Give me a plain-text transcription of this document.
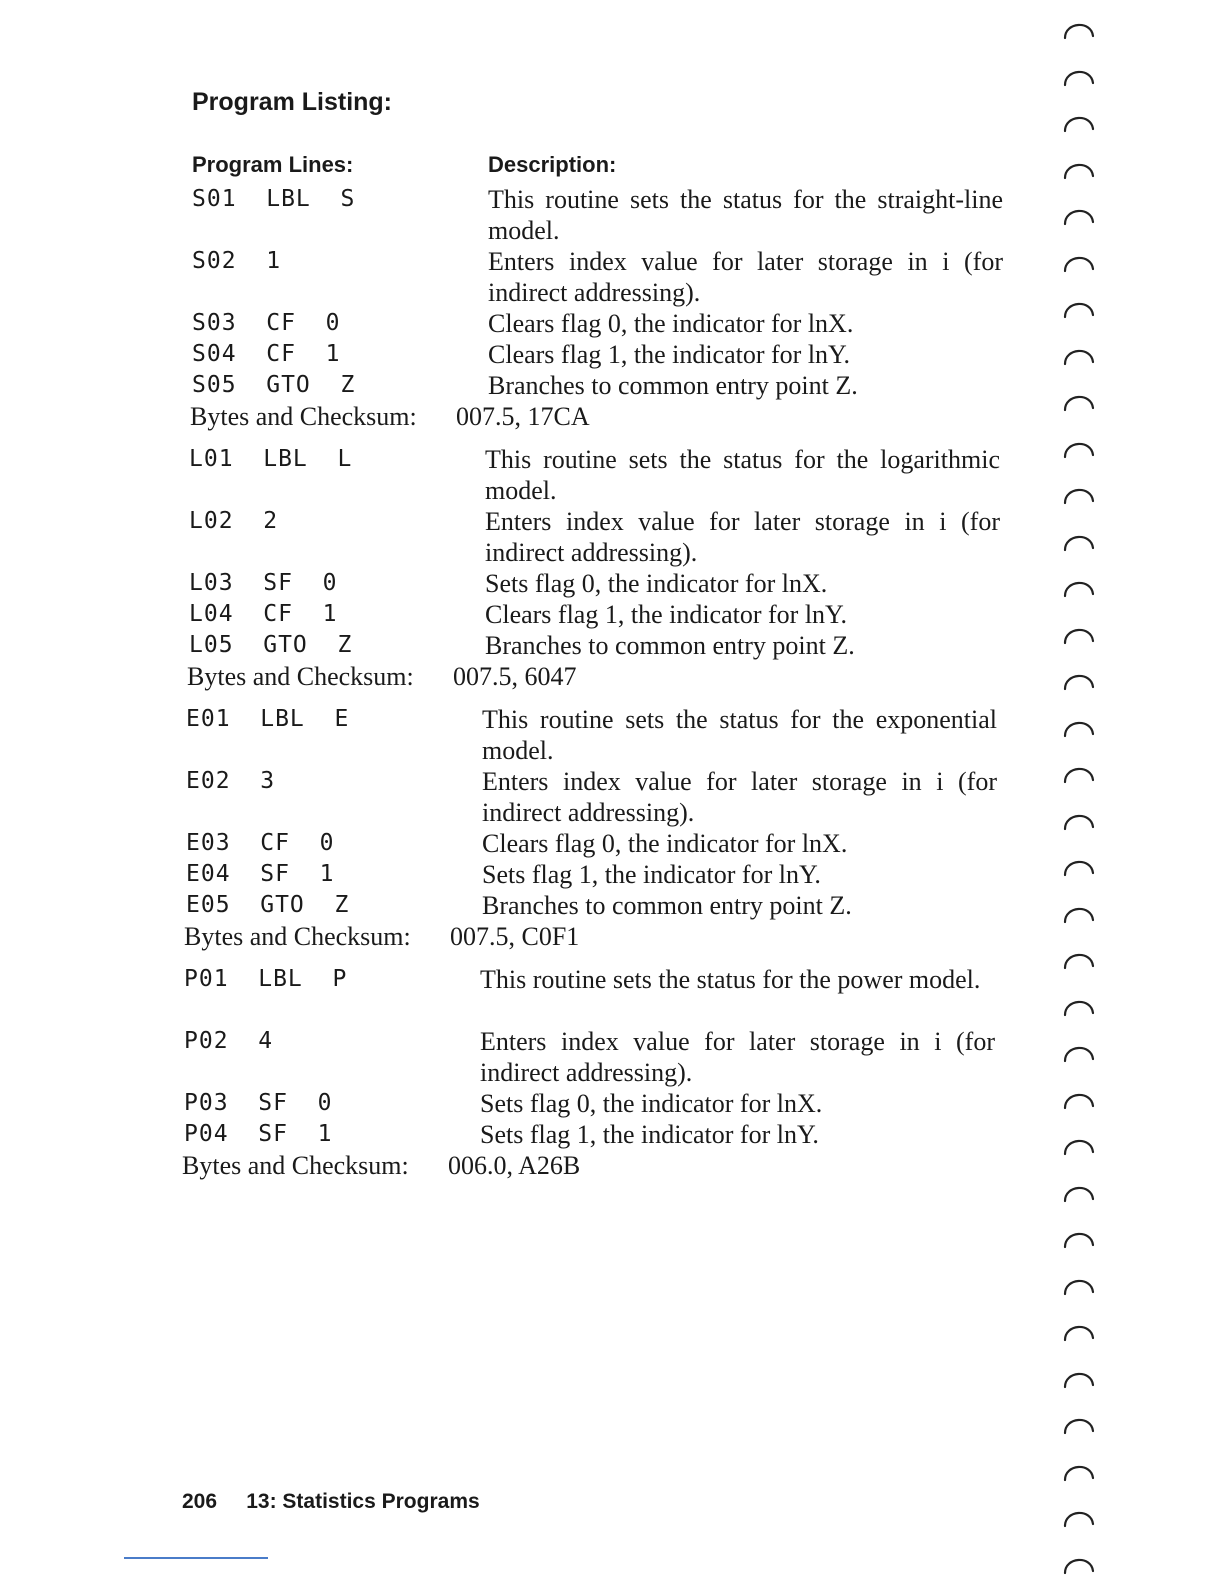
Program Listing:
Program Lines:	Description:
S01  LBL  S	This routine sets the status for the straight-line model.
S02  1	Enters index value for later storage in i (for indirect addressing).
S03  CF  0	Clears flag 0, the indicator for lnX.
S04  CF  1	Clears flag 1, the indicator for lnY.
S05  GTO  Z	Branches to common entry point Z.
Bytes and Checksum: 007.5, 17CA
L01  LBL  L	This routine sets the status for the logarithmic model.
L02  2	Enters index value for later storage in i (for indirect addressing).
L03  SF  0	Sets flag 0, the indicator for lnX.
L04  CF  1	Clears flag 1, the indicator for lnY.
L05  GTO  Z	Branches to common entry point Z.
Bytes and Checksum: 007.5, 6047
E01  LBL  E	This routine sets the status for the exponential model.
E02  3	Enters index value for later storage in i (for indirect addressing).
E03  CF  0	Clears flag 0, the indicator for lnX.
E04  SF  1	Sets flag 1, the indicator for lnY.
E05  GTO  Z	Branches to common entry point Z.
Bytes and Checksum: 007.5, C0F1
P01  LBL  P	This routine sets the status for the power model.
P02  4	Enters index value for later storage in i (for indirect addressing).
P03  SF  0	Sets flag 0, the indicator for lnX.
P04  SF  1	Sets flag 1, the indicator for lnY.
Bytes and Checksum: 006.0, A26B
206 13: Statistics Programs
